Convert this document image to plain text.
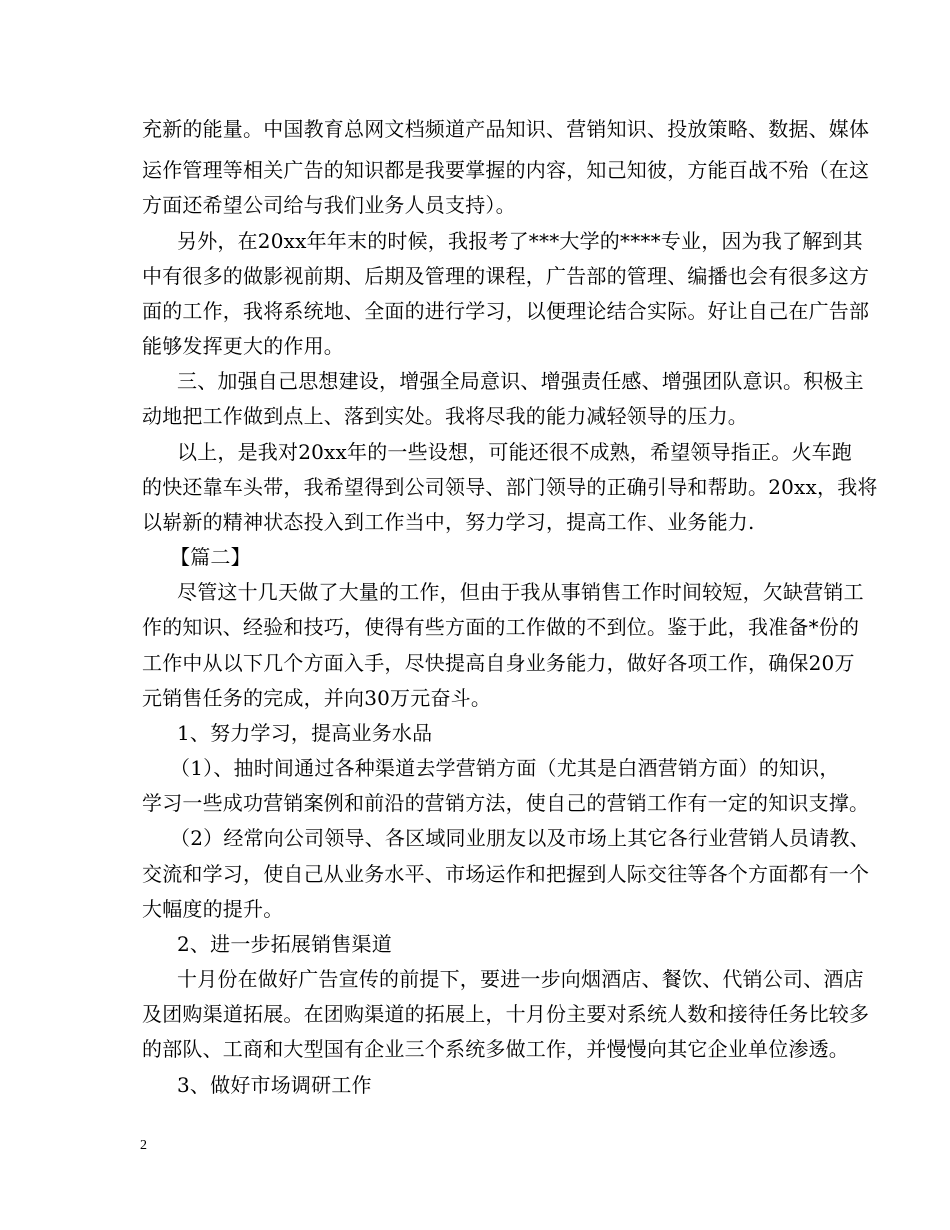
充新的能量。中国教育总网文档频道产品知识、营销知识、投放策略、数据、媒体
运作管理等相关广告的知识都是我要掌握的内容，知己知彼，方能百战不殆（在这
方面还希望公司给与我们业务人员支持）。
另外，在20xx年年末的时候，我报考了***大学的****专业，因为我了解到其
中有很多的做影视前期、后期及管理的课程，广告部的管理、编播也会有很多这方
面的工作，我将系统地、全面的进行学习，以便理论结合实际。好让自己在广告部
能够发挥更大的作用。
三、加强自己思想建设，增强全局意识、增强责任感、增强团队意识。积极主
动地把工作做到点上、落到实处。我将尽我的能力减轻领导的压力。
以上，是我对20xx年的一些设想，可能还很不成熟，希望领导指正。火车跑
的快还靠车头带，我希望得到公司领导、部门领导的正确引导和帮助。20xx，我将
以崭新的精神状态投入到工作当中，努力学习，提高工作、业务能力.
【篇二】
尽管这十几天做了大量的工作，但由于我从事销售工作时间较短，欠缺营销工
作的知识、经验和技巧，使得有些方面的工作做的不到位。鉴于此，我准备*份的
工作中从以下几个方面入手，尽快提高自身业务能力，做好各项工作，确保20万
元销售任务的完成，并向30万元奋斗。
1、努力学习，提高业务水品
（1）、抽时间通过各种渠道去学营销方面（尤其是白酒营销方面）的知识，
学习一些成功营销案例和前沿的营销方法，使自己的营销工作有一定的知识支撑。
（2）经常向公司领导、各区域同业朋友以及市场上其它各行业营销人员请教、
交流和学习，使自己从业务水平、市场运作和把握到人际交往等各个方面都有一个
大幅度的提升。
2、进一步拓展销售渠道
十月份在做好广告宣传的前提下，要进一步向烟酒店、餐饮、代销公司、酒店
及团购渠道拓展。在团购渠道的拓展上，十月份主要对系统人数和接待任务比较多
的部队、工商和大型国有企业三个系统多做工作，并慢慢向其它企业单位渗透。
3、做好市场调研工作
2
